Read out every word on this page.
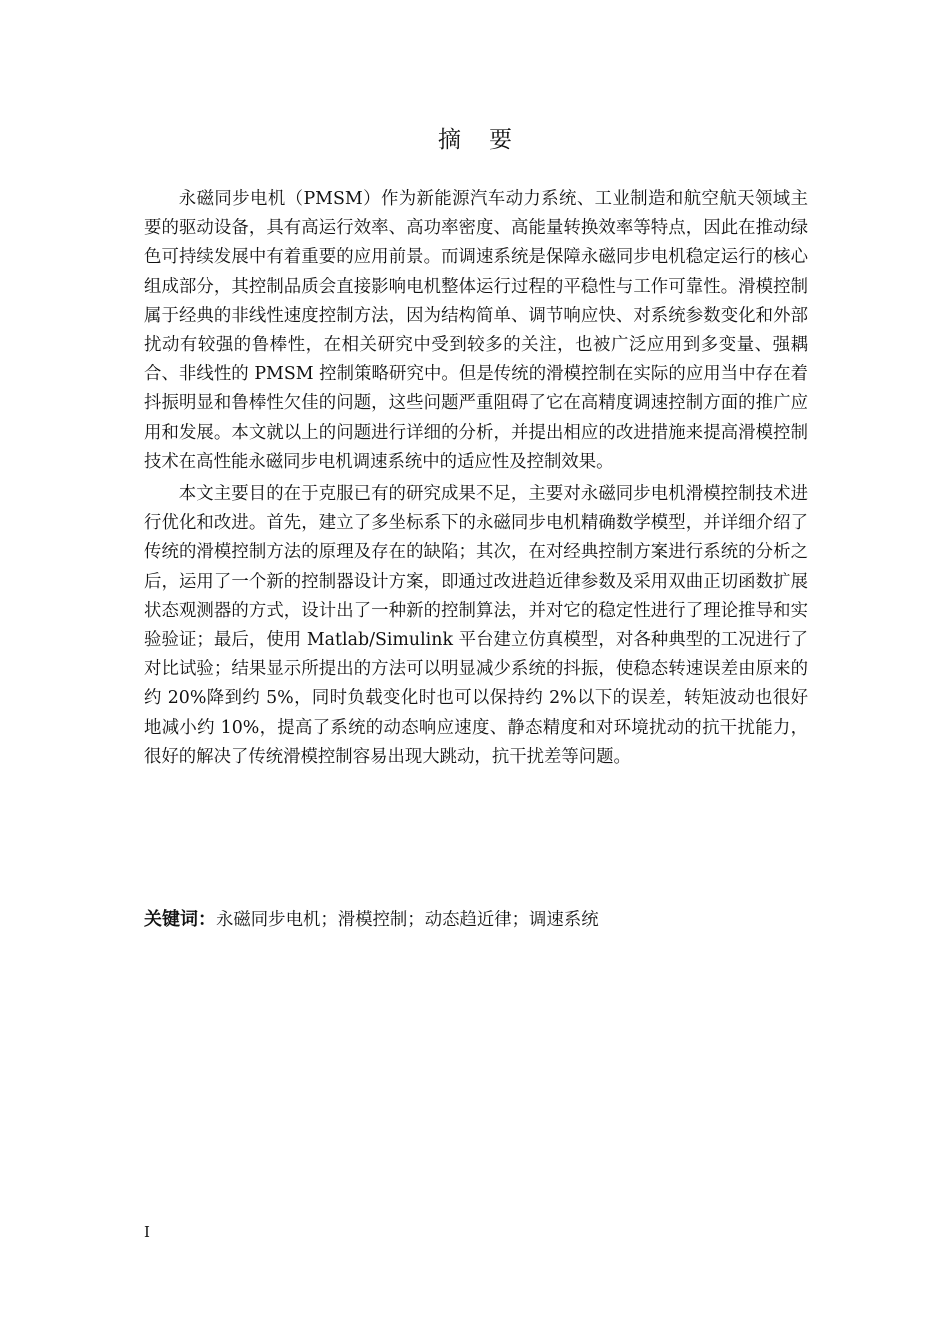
摘要

永磁同步电机（PMSM）作为新能源汽车动力系统、工业制造和航空航天领域主要的驱动设备，具有高运行效率、高功率密度、高能量转换效率等特点，因此在推动绿色可持续发展中有着重要的应用前景。而调速系统是保障永磁同步电机稳定运行的核心组成部分，其控制品质会直接影响电机整体运行过程的平稳性与工作可靠性。滑模控制属于经典的非线性速度控制方法，因为结构简单、调节响应快、对系统参数变化和外部扰动有较强的鲁棒性，在相关研究中受到较多的关注，也被广泛应用到多变量、强耦合、非线性的 PMSM 控制策略研究中。但是传统的滑模控制在实际的应用当中存在着抖振明显和鲁棒性欠佳的问题，这些问题严重阻碍了它在高精度调速控制方面的推广应用和发展。本文就以上的问题进行详细的分析，并提出相应的改进措施来提高滑模控制技术在高性能永磁同步电机调速系统中的适应性及控制效果。

本文主要目的在于克服已有的研究成果不足，主要对永磁同步电机滑模控制技术进行优化和改进。首先，建立了多坐标系下的永磁同步电机精确数学模型，并详细介绍了传统的滑模控制方法的原理及存在的缺陷；其次，在对经典控制方案进行系统的分析之后，运用了一个新的控制器设计方案，即通过改进趋近律参数及采用双曲正切函数扩展状态观测器的方式，设计出了一种新的控制算法，并对它的稳定性进行了理论推导和实验验证；最后，使用 Matlab/Simulink 平台建立仿真模型，对各种典型的工况进行了对比试验；结果显示所提出的方法可以明显减少系统的抖振，使稳态转速误差由原来的约 20%降到约 5%，同时负载变化时也可以保持约 2%以下的误差，转矩波动也很好地减小约 10%，提高了系统的动态响应速度、静态精度和对环境扰动的抗干扰能力，很好的解决了传统滑模控制容易出现大跳动，抗干扰差等问题。

关键词：永磁同步电机；滑模控制；动态趋近律；调速系统
I
